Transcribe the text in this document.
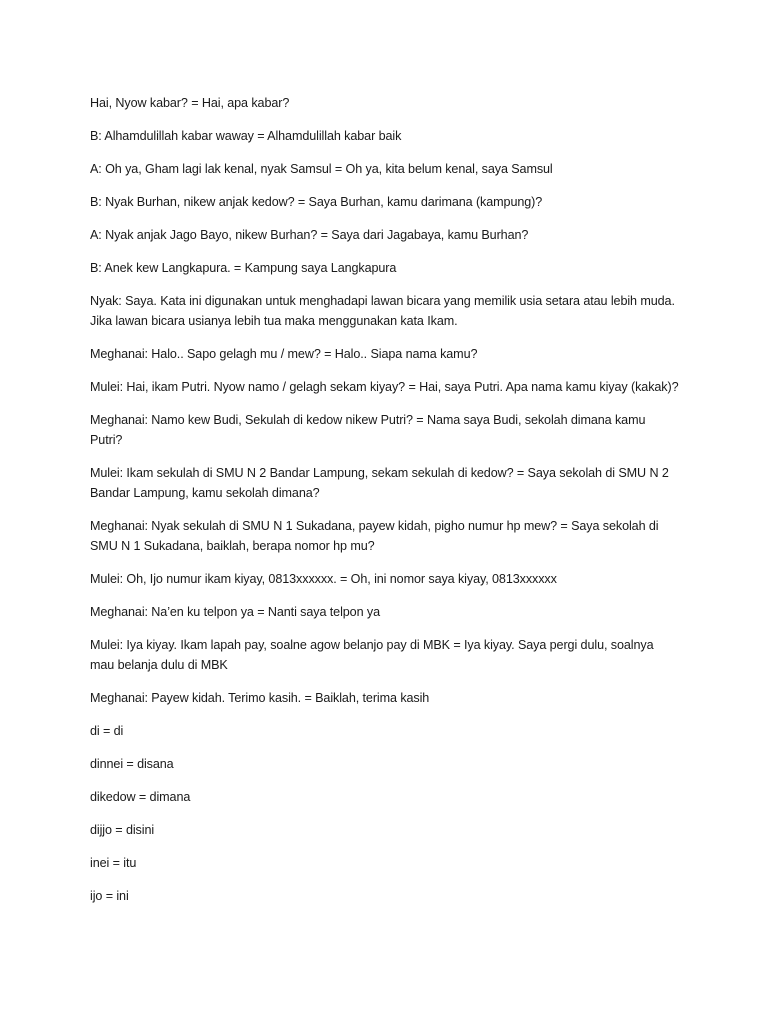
Hai, Nyow kabar? = Hai, apa kabar?

B: Alhamdulillah kabar waway = Alhamdulillah kabar baik

A: Oh ya, Gham lagi lak kenal, nyak Samsul = Oh ya, kita belum kenal, saya Samsul

B: Nyak Burhan, nikew anjak kedow? = Saya Burhan, kamu darimana (kampung)?

A: Nyak anjak Jago Bayo, nikew Burhan? = Saya dari Jagabaya, kamu Burhan?

B: Anek kew Langkapura. = Kampung saya Langkapura

Nyak: Saya. Kata ini digunakan untuk menghadapi lawan bicara yang memilik usia setara atau lebih muda. Jika lawan bicara usianya lebih tua maka menggunakan kata Ikam.

Meghanai: Halo.. Sapo gelagh mu / mew? = Halo.. Siapa nama kamu?

Mulei: Hai, ikam Putri. Nyow namo / gelagh sekam kiyay? = Hai, saya Putri. Apa nama kamu kiyay (kakak)?

Meghanai: Namo kew Budi, Sekulah di kedow nikew Putri? = Nama saya Budi, sekolah dimana kamu Putri?

Mulei: Ikam sekulah di SMU N 2 Bandar Lampung, sekam sekulah di kedow? = Saya sekolah di SMU N 2 Bandar Lampung, kamu sekolah dimana?

Meghanai: Nyak sekulah di SMU N 1 Sukadana, payew kidah, pigho numur hp mew? = Saya sekolah di SMU N 1 Sukadana, baiklah, berapa nomor hp mu?

Mulei: Oh, Ijo numur ikam kiyay, 0813xxxxxx. = Oh, ini nomor saya kiyay, 0813xxxxxx

Meghanai: Na’en ku telpon ya = Nanti saya telpon ya

Mulei: Iya kiyay. Ikam lapah pay, soalne agow belanjo pay di MBK = Iya kiyay. Saya pergi dulu, soalnya mau belanja dulu di MBK

Meghanai: Payew kidah. Terimo kasih. = Baiklah, terima kasih

di = di

dinnei = disana

dikedow = dimana

dijjo = disini

inei = itu

ijo = ini
